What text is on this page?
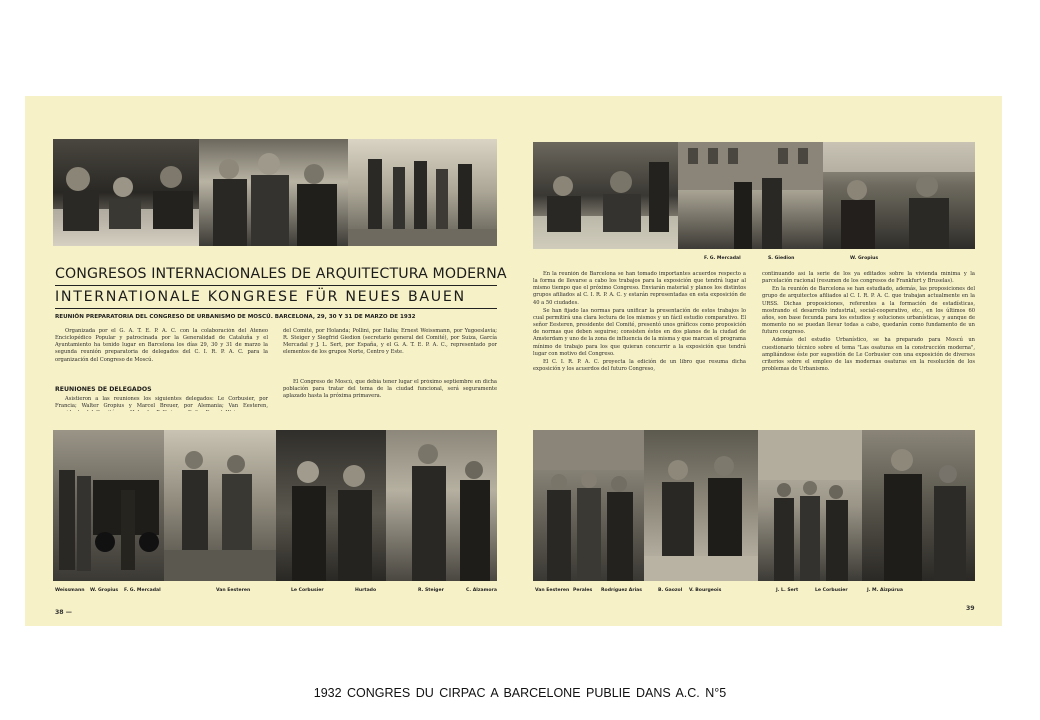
CONGRESOS INTERNACIONALES DE ARQUITECTURA MODERNA
INTERNATIONALE KONGRESE FÜR NEUES BAUEN
REUNIÓN PREPARATORIA DEL CONGRESO DE URBANISMO DE MOSCÚ. BARCELONA, 29, 30 Y 31 DE MARZO DE 1932

Organizada por el G. A. T. E. P. A. C. con la colaboración del Ateneo Enciclopédico Popular y patrocinada por la Generalidad de Cataluña y el Ayuntamiento ha tenido lugar en Barcelona los días 29, 30 y 31 de marzo la segunda reunión preparatoria de delegados del C. I. R. P. A. C. para la organización del Congreso de Moscú.

REUNIONES DE DELEGADOS

Asistieron a las reuniones los siguientes delegados: Le Corbusier, por Francia; Walter Gropius y Marcel Breuer, por Alemania; Van Eesteren,

del Comité, por Holanda; Pollini, por Italia; Ernest Weissmann, por Yugoeslavia; R. Steiger y Siegfrid Giedion (secretario general del Comité), por Suiza, García Mercadal y J. L. Sert, por España, y el G. A. T. E. P. A. C., representado por elementos de los grupos Norte, Centro y Este.

El Congreso de Moscú, que debía tener lugar el próximo septiembre en dicha población para tratar del tema de la ciudad funcional, será seguramente aplazado hasta la próxima primavera.

Weissmann W. Gropius F. G. Mercadal	Van Eesteren	Le Corbusier	Hurtado	R. Steiger	C. Alzamora
38 —
F. G. Mercadal	S. Giedion	W. Gropius

En la reunión de Barcelona se han tomado importantes acuerdos respecto a la forma de llevarse a cabo los trabajos para la exposición que tendrá lugar al mismo tiempo que el próximo Congreso. Enviarán material y planos los distintos grupos afiliados al C. I. R. P. A. C. y estarán representadas en esta exposición de 40 a 50 ciudades.

Se han fijado las normas para unificar la presentación de estos trabajos lo cual permitirá una clara lectura de los mismos y un fácil estudio comparativo. El señor Eesteren, presidente del Comité, presentó unos gráficos como proposición de normas que deben seguirse; consisten éstos en dos planos de la ciudad de Amsterdam y uno de la zona de influencia de la misma y que marcan el programa mínimo de trabajo para los que quieran concurrir a la exposición que tendrá lugar con motivo del Congreso.

El C. I. R. P. A. C. proyecta la edición de un libro que resuma dicha exposición y los acuerdos del futuro Congreso,

continuando así la serie de los ya editados sobre la vivienda mínima y la parcelación racional (resumen de los congresos de Frankfurt y Bruselas).

En la reunión de Barcelona se han estudiado, además, las proposiciones del grupo de arquitectos afiliados al C. I. R. P. A. C. que trabajan actualmente en la URSS. Dichas proposiciones, referentes a la formación de estadísticas, mostrando el desarrollo industrial, social-cooperativo, etc., en los últimos 60 años, son base fecunda para los estudios y soluciones urbanísticas, y aunque de momento no se puedan llevar todas a cabo, quedarán como fundamento de un futuro congreso.

Además del estudio Urbanístico, se ha preparado para Moscú un cuestionario técnico sobre el tema "Las osaturas en la construcción moderna", ampliándose éste por sugestión de Le Corbusier con una exposición de diversos criterios sobre el empleo de las modernas osaturas en la resolución de los problemas de Urbanismo.

Van Eesteren Perales Rodríguez Arias	B. Gaozol V. Bourgeois	J. L. Sert	Le Corbusier	J. M. Aizpúrua
39
1932 CONGRES DU CIRPAC A BARCELONE PUBLIE DANS A.C. N°5
